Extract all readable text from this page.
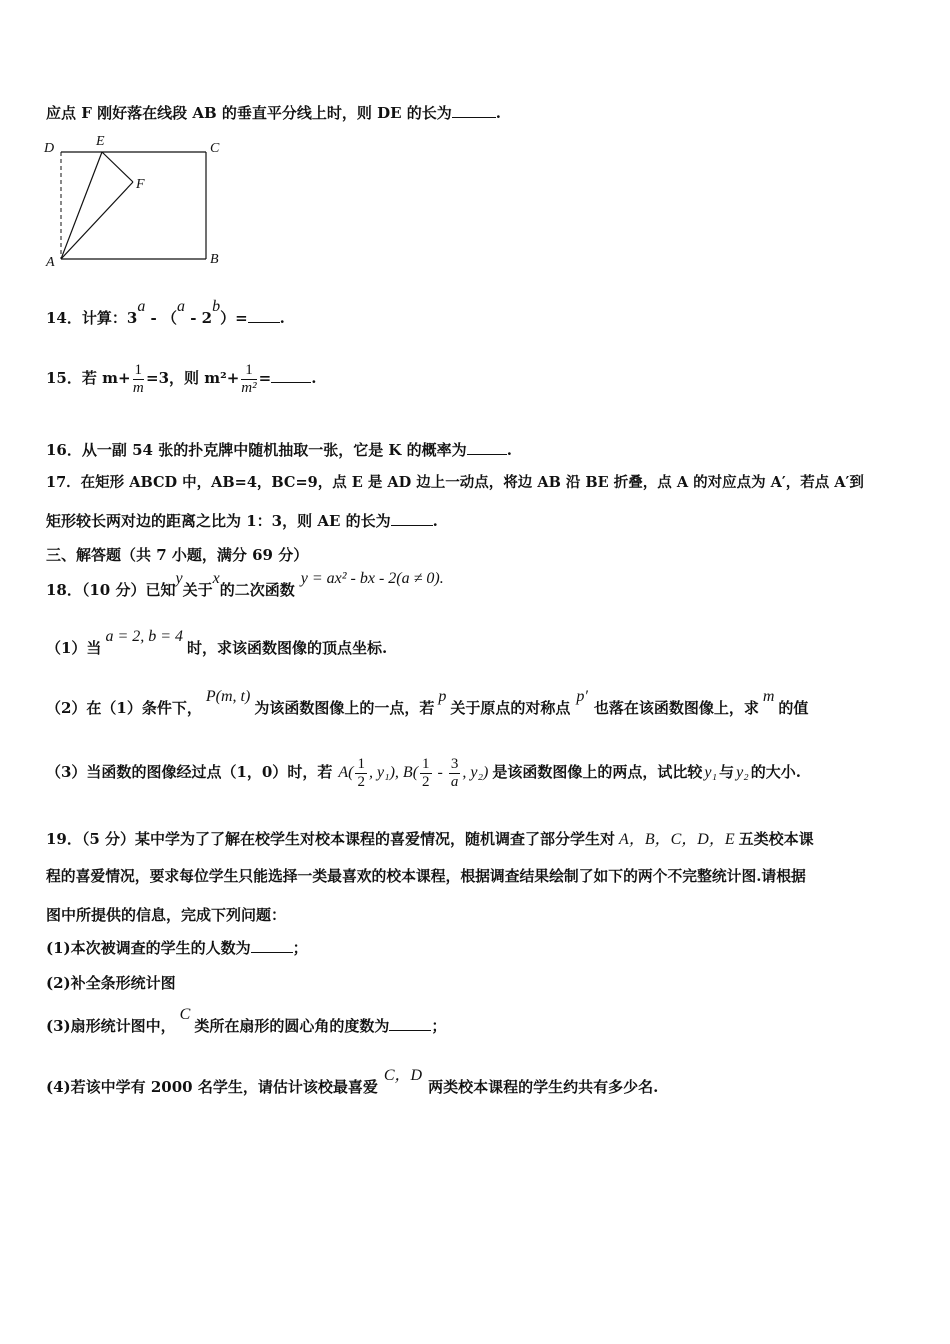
应点 F 刚好落在线段 AB 的垂直平分线上时，则 DE 的长为	.
D	E	C
F
A	B
14．计算：3a - （a - 2b）= .
15．若 $m+ \frac{1}{m} =3$，则 $m^2+ \frac{1}{\text{m²}}$ =	.
16．从一副 54 张的扑克牌中随机抽取一张，它是 K 的概率为	.
17．在矩形 ABCD 中，AB=4，BC=9，点 E 是 AD 边上一动点，将边 AB 沿 BE 折叠，点 A 的对应点为 A′，若点 A′到
矩形较长两对边的距离之比为 1：3，则 AE 的长为	.
三、解答题（共 7 小题，满分 69 分）
18．（10 分）已知y关于x的二次函数y = ax² - bx - 2(a ≠ 0).
（1）当a = 2, b = 4时，求该函数图像的顶点坐标.
（2）在（1）条件下，P(m, t)为该函数图像上的一点，若p关于原点的对称点p′也落在该函数图像上，求m的值
（3）当函数的图像经过点（1，0）时，若 $A( \frac{1}{2}$ , y₁), $B( \frac{1}{2} - \frac{3}{a}$ , y₂) 是该函数图像上的两点，试比较 y₁ 与 y₂ 的大小.
19．（5 分）某中学为了了解在校学生对校本课程的喜爱情况，随机调查了部分学生对 A，B，C，D，E 五类校本课
程的喜爱情况，要求每位学生只能选择一类最喜欢的校本课程，根据调查结果绘制了如下的两个不完整统计图.请根据
图中所提供的信息，完成下列问题：
(1)本次被调查的学生的人数为	；
(2)补全条形统计图
(3)扇形统计图中，C类所在扇形的圆心角的度数为	；
(4)若该中学有 2000 名学生，请估计该校最喜爱C，D两类校本课程的学生约共有多少名.
